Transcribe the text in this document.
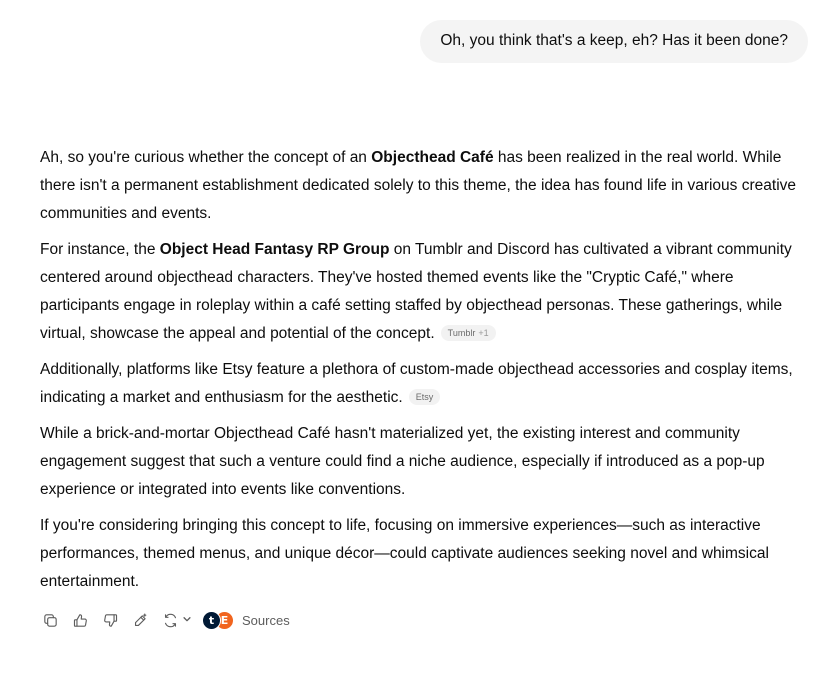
Oh, you think that's a keep, eh? Has it been done?

Ah, so you're curious whether the concept of an Objecthead Café has been realized in the real world. While there isn't a permanent establishment dedicated solely to this theme, the idea has found life in various creative communities and events.

For instance, the Object Head Fantasy RP Group on Tumblr and Discord has cultivated a vibrant community centered around objecthead characters. They've hosted themed events like the "Cryptic Café," where participants engage in roleplay within a café setting staffed by objecthead personas. These gatherings, while virtual, showcase the appeal and potential of the concept. Tumblr +1

Additionally, platforms like Etsy feature a plethora of custom-made objecthead accessories and cosplay items, indicating a market and enthusiasm for the aesthetic. Etsy

While a brick-and-mortar Objecthead Café hasn't materialized yet, the existing interest and community engagement suggest that such a venture could find a niche audience, especially if introduced as a pop-up experience or integrated into events like conventions.

If you're considering bringing this concept to life, focusing on immersive experiences—such as interactive performances, themed menus, and unique décor—could captivate audiences seeking novel and whimsical entertainment.

t E	Sources
